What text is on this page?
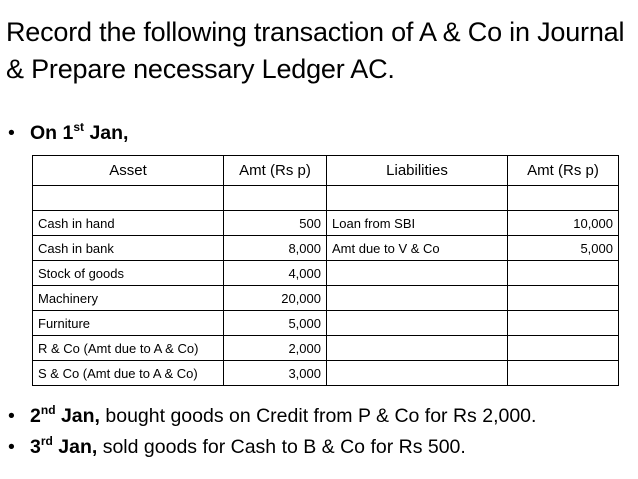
Record the following transaction of A & Co in Journal & Prepare necessary Ledger AC.
• On 1st Jan,
Asset	Amt (Rs p)	Liabilities	Amt (Rs p)

Cash in hand	500	Loan from SBI	10,000
Cash in bank	8,000	Amt due to V & Co	5,000
Stock of goods	4,000		
Machinery	20,000		
Furniture	5,000		
R & Co (Amt due to A & Co)	2,000		
S & Co (Amt due to A & Co)	3,000		
• 2nd Jan, bought goods on Credit from P & Co for Rs 2,000.
• 3rd Jan, sold goods for Cash to B & Co for Rs 500.
